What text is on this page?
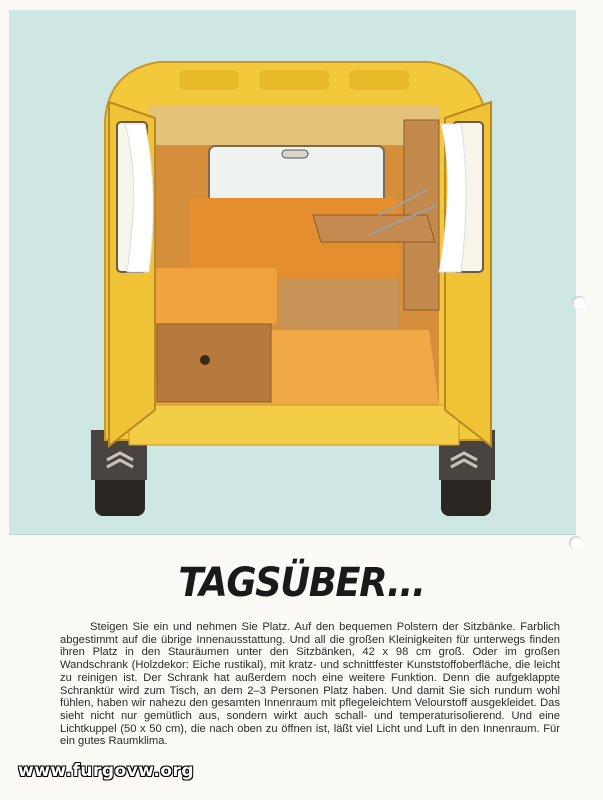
TAGSÜBER...

Steigen Sie ein und nehmen Sie Platz. Auf den bequemen Polstern der Sitzbänke. Farblich abgestimmt auf die übrige Innenausstattung. Und all die großen Kleinigkeiten für unterwegs finden ihren Platz in den Stauräumen unter den Sitzbänken, 42 x 98 cm groß. Oder im großen Wandschrank (Holzdekor: Eiche rustikal), mit kratz- und schnittfester Kunststoffoberfläche, die leicht zu reinigen ist. Der Schrank hat außerdem noch eine weitere Funktion. Denn die aufgeklappte Schranktür wird zum Tisch, an dem 2–3 Personen Platz haben. Und damit Sie sich rundum wohl fühlen, haben wir nahezu den gesamten Innenraum mit pflegeleichtem Velourstoff ausgekleidet. Das sieht nicht nur gemütlich aus, sondern wirkt auch schall- und temperaturisolierend. Und eine Lichtkuppel (50 x 50 cm), die nach oben zu öffnen ist, läßt viel Licht und Luft in den Innenraum. Für ein gutes Raumklima.

www.furgovw.org
